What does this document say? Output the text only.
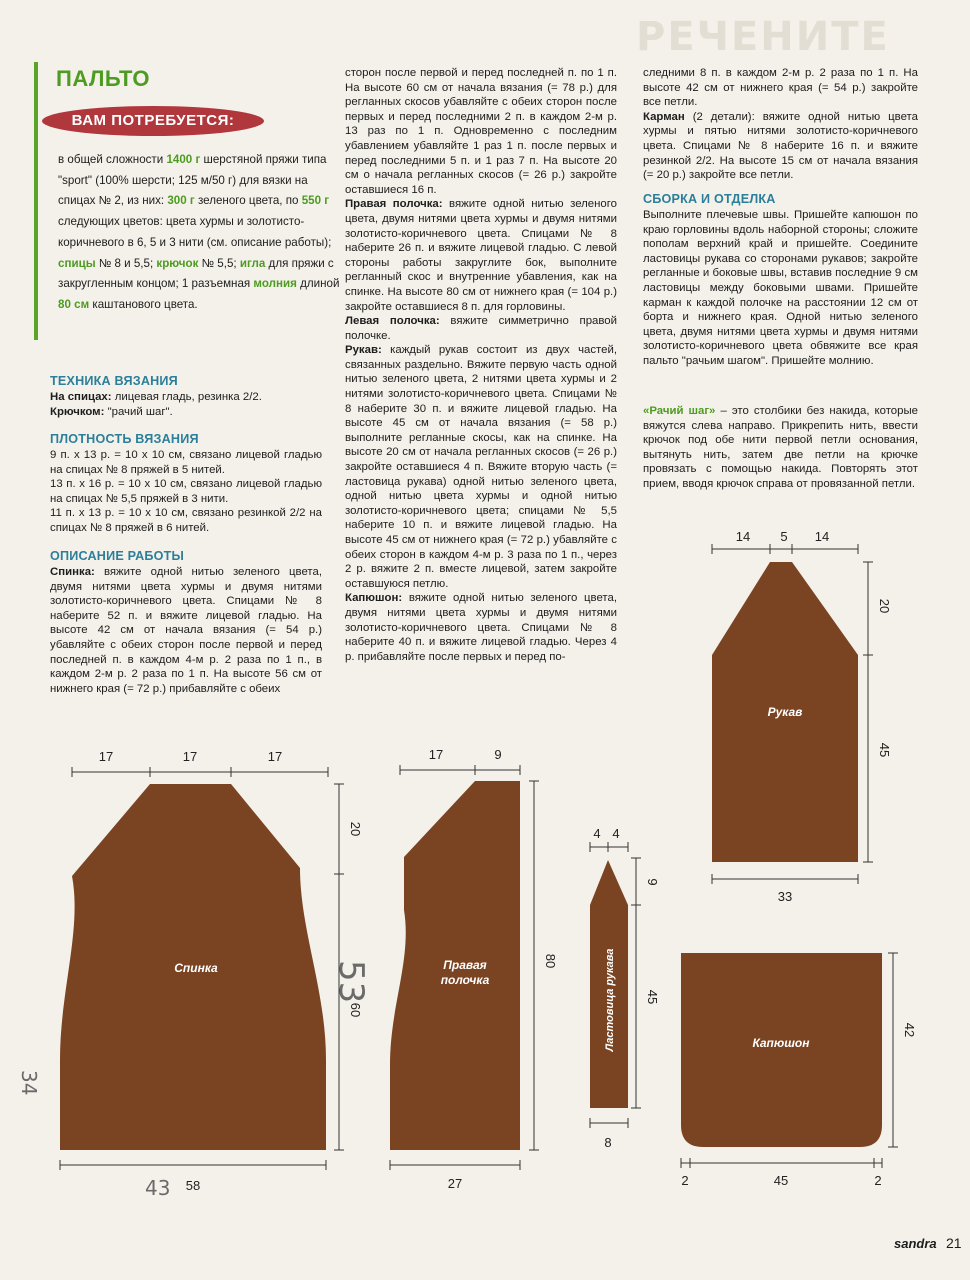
РЕЧЕНИТЕ
ПАЛЬТО
ВАМ ПОТРЕБУЕТСЯ:
в общей сложности 1400 г шерстяной пряжи типа "sport" (100% шерсти; 125 м/50 г) для вязки на спицах № 2, из них: 300 г зеленого цвета, по 550 г следующих цветов: цвета хурмы и золотисто-коричневого в 6, 5 и 3 нити (см. описание работы); спицы № 8 и 5,5; крючок № 5,5; игла для пряжи с закругленным концом; 1 разъемная молния длиной 80 см каштанового цвета.
ТЕХНИКА ВЯЗАНИЯ

На спицах: лицевая гладь, резинка 2/2.

Крючком: "рачий шаг".

ПЛОТНОСТЬ ВЯЗАНИЯ

9 п. х 13 р. = 10 х 10 см, связано лицевой гладью на спицах № 8 пряжей в 5 нитей.

13 п. х 16 р. = 10 х 10 см, связано лицевой гладью на спицах № 5,5 пряжей в 3 нити.

11 п. х 13 р. = 10 х 10 см, связано резинкой 2/2 на спицах № 8 пряжей в 6 нитей.

ОПИСАНИЕ РАБОТЫ
Спинка: вяжите одной нитью зеленого цвета, двумя нитями цвета хурмы и двумя нитями золотисто-коричневого цвета. Спицами № 8 наберите 52 п. и вяжите лицевой гладью. На высоте 42 см от начала вязания (= 54 р.) убавляйте с обеих сторон после первой и перед последней п. в каждом 4-м р. 2 раза по 1 п., в каждом 2-м р. 2 раза по 1 п. На высоте 56 см от нижнего края (= 72 р.) прибавляйте с обеих

сторон после первой и перед последней п. по 1 п. На высоте 60 см от начала вязания (= 78 р.) для регланных скосов убавляйте с обеих сторон после первых и перед последними 2 п. в каждом 2-м р. 13 раз по 1 п. Одновременно с последним убавлением убавляйте 1 раз 1 п. после первых и перед последними 5 п. и 1 раз 7 п. На высоте 20 см о начала регланных скосов (= 26 р.) закройте оставшиеся 16 п.

Правая полочка: вяжите одной нитью зеленого цвета, двумя нитями цвета хурмы и двумя нитями золотисто-коричневого цвета. Спицами № 8 наберите 26 п. и вяжите лицевой гладью. С левой стороны работы закруглите бок, выполните регланный скос и внутренние убавления, как на спинке. На высоте 80 см от нижнего края (= 104 р.) закройте оставшиеся 8 п. для горловины.

Левая полочка: вяжите симметрично правой полочке.

Рукав: каждый рукав состоит из двух частей, связанных раздельно. Вяжите первую часть одной нитью зеленого цвета, 2 нитями цвета хурмы и 2 нитями золотисто-коричневого цвета. Спицами № 8 наберите 30 п. и вяжите лицевой гладью. На высоте 45 см от начала вязания (= 58 р.) выполните регланные скосы, как на спинке. На высоте 20 см от начала регланных скосов (= 26 р.) закройте оставшиеся 4 п. Вяжите вторую часть (= ластовица рукава) одной нитью зеленого цвета, одной нитью цвета хурмы и одной нитью золотисто-коричневого цвета; спицами № 5,5 наберите 10 п. и вяжите лицевой гладью. На высоте 45 см от нижнего края (= 72 р.) убавляйте с обеих сторон в каждом 4-м р. 3 раза по 1 п., через 2 р. вяжите 2 п. вместе лицевой, затем закройте оставшуюся петлю.

Капюшон: вяжите одной нитью зеленого цвета, двумя нитями цвета хурмы и двумя нитями золотисто-коричневого цвета. Спицами № 8 наберите 40 п. и вяжите лицевой гладью. Через 4 р. прибавляйте после первых и перед по-

следними 8 п. в каждом 2-м р. 2 раза по 1 п. На высоте 42 см от нижнего края (= 54 р.) закройте все петли.

Карман (2 детали): вяжите одной нитью цвета хурмы и пятью нитями золотисто-коричневого цвета. Спицами № 8 наберите 16 п. и вяжите резинкой 2/2. На высоте 15 см от начала вязания (= 20 р.) закройте все петли.

СБОРКА И ОТДЕЛКА
Выполните плечевые швы. Пришейте капюшон по краю горловины вдоль наборной стороны; сложите пополам верхний край и пришейте. Соедините ластовицы рукава со сторонами рукавов; закройте регланные и боковые швы, вставив последние 9 см ластовицы между боковыми швами. Пришейте карман к каждой полочке на расстоянии 12 см от борта и нижнего края. Одной нитью зеленого цвета, двумя нитями цвета хурмы и двумя нитями золотисто-коричневого цвета обвяжите все края пальто "рачьим шагом". Пришейте молнию.
«Рачий шаг» – это столбики без накида, которые вяжутся слева направо. Прикрепить нить, ввести крючок под обе нити первой петли основания, вытянуть нить, затем две петли на крючке провязать с помощью накида. Повторять этот прием, вводя крючок справа от провязанной петли.
Спинка	Правая
полочка	Ластовица рукава
Рукав
Капюшон
17	17	17
20
60
58
17	9
80
27
4 4
9
45
8
14 5 14
20
45
33
42
2	45	2
53
43
34
sandra 21
